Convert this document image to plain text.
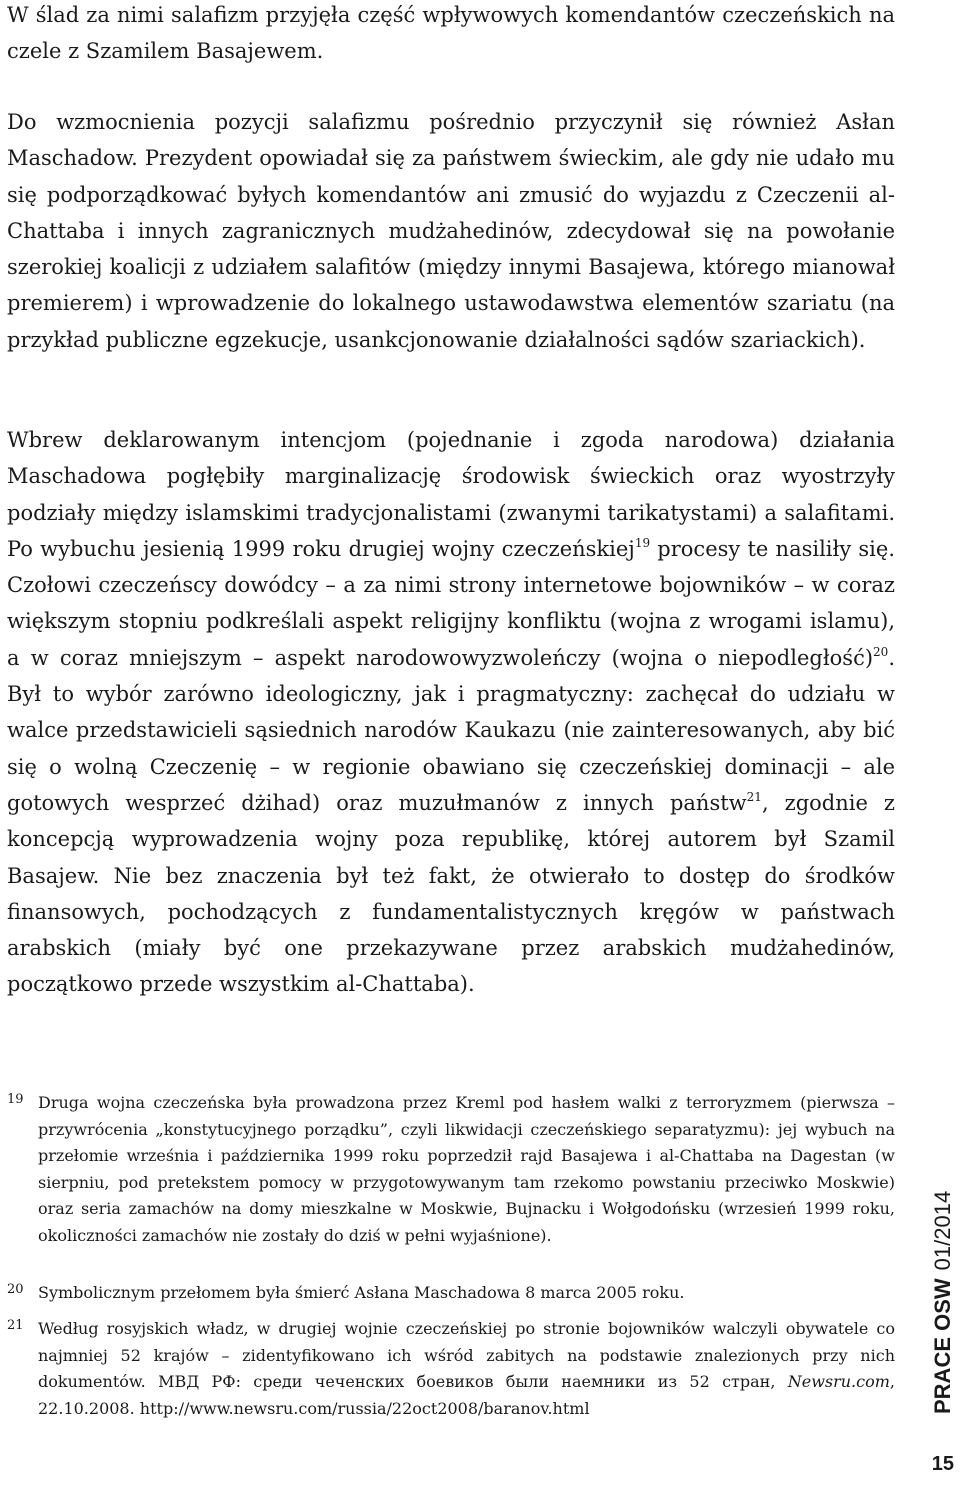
W ślad za nimi salafizm przyjęła część wpływowych komendantów czeczeńskich na czele z Szamilem Basajewem.

Do wzmocnienia pozycji salafizmu pośrednio przyczynił się również Asłan Maschadow. Prezydent opowiadał się za państwem świeckim, ale gdy nie udało mu się podporządkować byłych komendantów ani zmusić do wyjazdu z Czeczenii al-Chattaba i innych zagranicznych mudżahedinów, zdecydował się na powołanie szerokiej koalicji z udziałem salafitów (między innymi Basajewa, którego mianował premierem) i wprowadzenie do lokalnego ustawodawstwa elementów szariatu (na przykład publiczne egzekucje, usankcjonowanie działalności sądów szariackich).

Wbrew deklarowanym intencjom (pojednanie i zgoda narodowa) działania Maschadowa pogłębiły marginalizację środowisk świeckich oraz wyostrzyły podziały między islamskimi tradycjonalistami (zwanymi tarikatystami) a salafitami. Po wybuchu jesienią 1999 roku drugiej wojny czeczeńskiej$^{19}$ procesy te nasiliły się. Czołowi czeczeńscy dowódcy – a za nimi strony internetowe bojowników – w coraz większym stopniu podkreślali aspekt religijny konfliktu (wojna z wrogami islamu), a w coraz mniejszym – aspekt narodowowyzwoleńczy (wojna o niepodległość)$^{20}$. Był to wybór zarówno ideologiczny, jak i pragmatyczny: zachęcał do udziału w walce przedstawicieli sąsiednich narodów Kaukazu (nie zainteresowanych, aby bić się o wolną Czeczenię – w regionie obawiano się czeczeńskiej dominacji – ale gotowych wesprzeć dżihad) oraz muzułmanów z innych państw$^{21}$, zgodnie z koncepcją wyprowadzenia wojny poza republikę, której autorem był Szamil Basajew. Nie bez znaczenia był też fakt, że otwierało to dostęp do środków finansowych, pochodzących z fundamentalistycznych kręgów w państwach arabskich (miały być one przekazywane przez arabskich mudżahedinów, początkowo przede wszystkim al-Chattaba).

19 Druga wojna czeczeńska była prowadzona przez Kreml pod hasłem walki z terroryzmem (pierwsza – przywrócenia „konstytucyjnego porządku”, czyli likwidacji czeczeńskiego separatyzmu): jej wybuch na przełomie września i października 1999 roku poprzedził rajd Basajewa i al-Chattaba na Dagestan (w sierpniu, pod pretekstem pomocy w przygotowywanym tam rzekomo powstaniu przeciwko Moskwie) oraz seria zamachów na domy mieszkalne w Moskwie, Bujnacku i Wołgodońsku (wrzesień 1999 roku, okoliczności zamachów nie zostały do dziś w pełni wyjaśnione).
20 Symbolicznym przełomem była śmierć Asłana Maschadowa 8 marca 2005 roku.
21 Według rosyjskich władz, w drugiej wojnie czeczeńskiej po stronie bojowników walczyli obywatele co najmniej 52 krajów – zidentyfikowano ich wśród zabitych na podstawie znalezionych przy nich dokumentów. МВД РФ: среди чеченских боевиков были наемники из 52 стран, Newsru.com, 22.10.2008. http://www.newsru.com/russia/22oct2008/baranov.html	PRACE OSW01/2014
15
